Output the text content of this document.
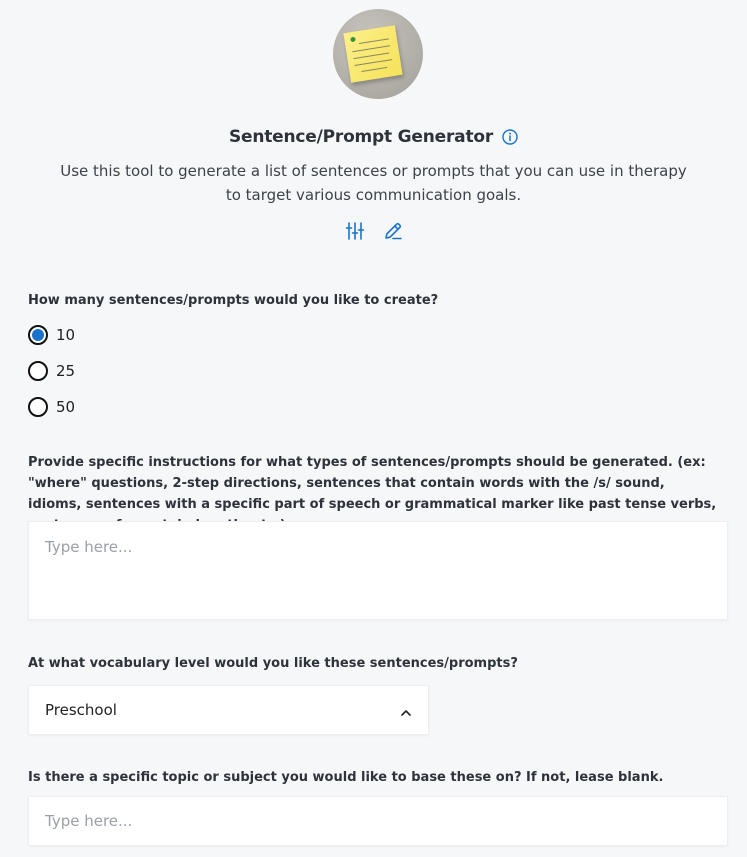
Sentence/Prompt Generator
Use this tool to generate a list of sentences or prompts that you can use in therapy to target various communication goals.
How many sentences/prompts would you like to create?
10
25
50
Provide specific instructions for what types of sentences/prompts should be generated. (ex: "where" questions, 2-step directions, sentences that contain words with the /s/ sound, idioms, sentences with a specific part of speech or grammatical marker like past tense verbs,
Type here...
At what vocabulary level would you like these sentences/prompts?
Preschool
Is there a specific topic or subject you would like to base these on? If not, lease blank.
Type here...
